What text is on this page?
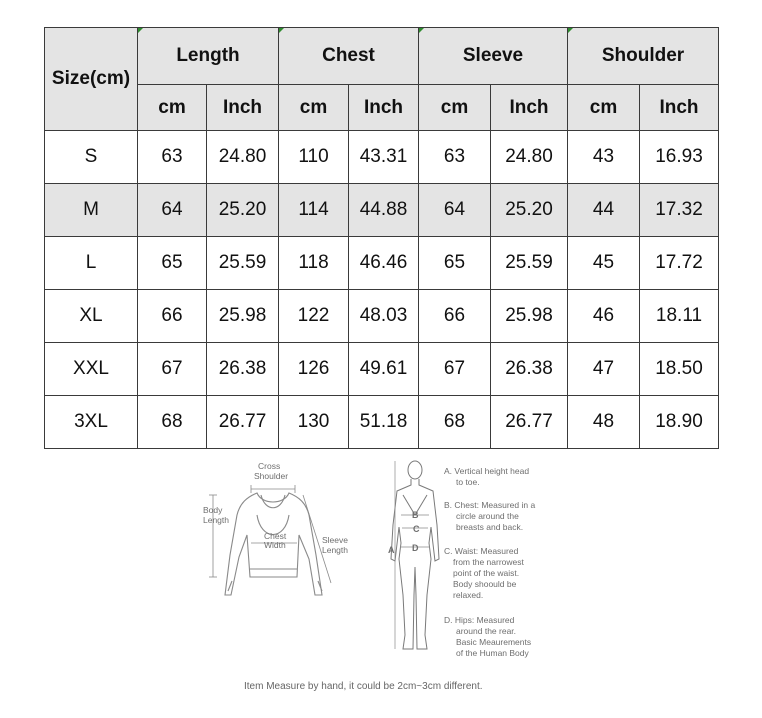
Size(cm)	Length		Chest		Sleeve		Shoulder	
	cm	Inch	cm	Inch	cm	Inch	cm	Inch
S	63	24.80	110	43.31	63	24.80	43	16.93
M	64	25.20	114	44.88	64	25.20	44	17.32
L	65	25.59	118	46.46	65	25.59	45	17.72
XL	66	25.98	122	48.03	66	25.98	46	18.11
XXL	67	26.38	126	49.61	67	26.38	47	18.50
3XL	68	26.77	130	51.18	68	26.77	48	18.90
Cross
Shoulder
Body
Length
Chest
Width	Sleeve
Length	A
B
C
D
A. Vertical height head
to toe.
B. Chest: Measured in a
circle around the
breasts and back.
C. Waist: Measured
from the narrowest
point of the waist.
Body shoould be
relaxed.
D. Hips: Measured
around the rear.
Basic Meaurements
of the Human Body
Item Measure by hand, it could be 2cm~3cm different.
